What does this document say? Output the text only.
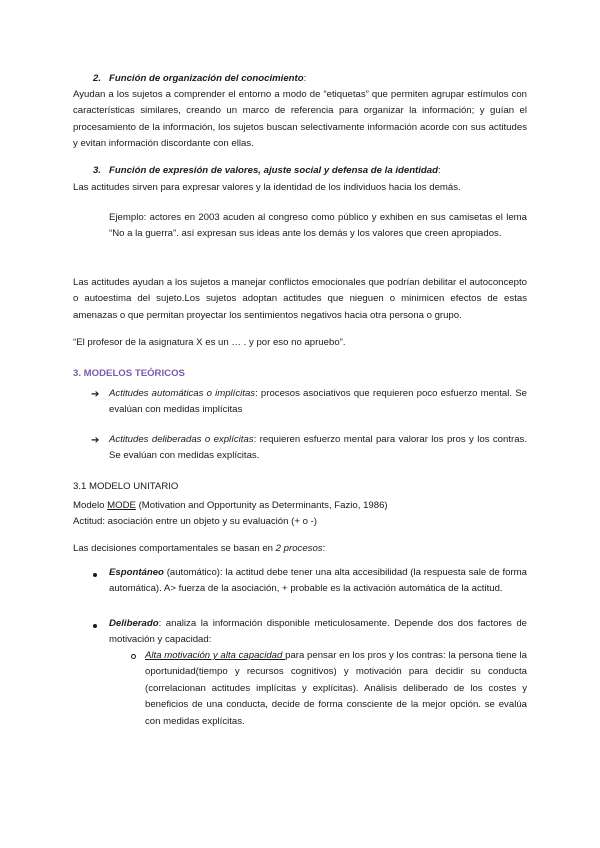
2. Función de organización del conocimiento:
Ayudan a los sujetos a comprender el entorno a modo de “etiquetas” que permiten agrupar estímulos con características similares, creando un marco de referencia para organizar la información; y guían el procesamiento de la información, los sujetos buscan selectivamente información acorde con sus actitudes y evitan información discordante con ellas.
3. Función de expresión de valores, ajuste social y defensa de la identidad:
Las actitudes sirven para expresar valores y la identidad de los individuos hacia los demás.
Ejemplo: actores en 2003 acuden al congreso como público y exhiben en sus camisetas el lema “No a la guerra”. así expresan sus ideas ante los demás y los valores que creen apropiados.
Las actitudes ayudan a los sujetos a manejar conflictos emocionales que podrían debilitar el autoconcepto o autoestima del sujeto.Los sujetos adoptan actitudes que nieguen o minimicen efectos de estas amenazas o que permitan proyectar los sentimientos negativos hacia otra persona o grupo.
“El profesor de la asignatura X es un … . y por eso no apruebo”.
3. MODELOS TEÓRICOS
➔ Actitudes automáticas o implícitas: procesos asociativos que requieren poco esfuerzo mental. Se evalúan con medidas implícitas
➔ Actitudes deliberadas o explícitas: requieren esfuerzo mental para valorar los pros y los contras. Se evalúan con medidas explícitas.
3.1 MODELO UNITARIO
Modelo MODE (Motivation and Opportunity as Determinants, Fazio, 1986)
Actitud: asociación entre un objeto y su evaluación (+ o -)
Las decisiones comportamentales se basan en 2 procesos:
Espontáneo (automático): la actitud debe tener una alta accesibilidad (la respuesta sale de forma automática). A> fuerza de la asociación, + probable es la activación automática de la actitud.
Deliberado: analiza la información disponible meticulosamente. Depende dos dos factores de motivación y capacidad:
Alta motivación y alta capacidad para pensar en los pros y los contras: la persona tiene la oportunidad(tiempo y recursos cognitivos) y motivación para decidir su conducta (correlacionan actitudes implícitas y explícitas). Análisis deliberado de los costes y beneficios de una conducta, decide de forma consciente de la mejor opción. se evalúa con medidas explícitas.
